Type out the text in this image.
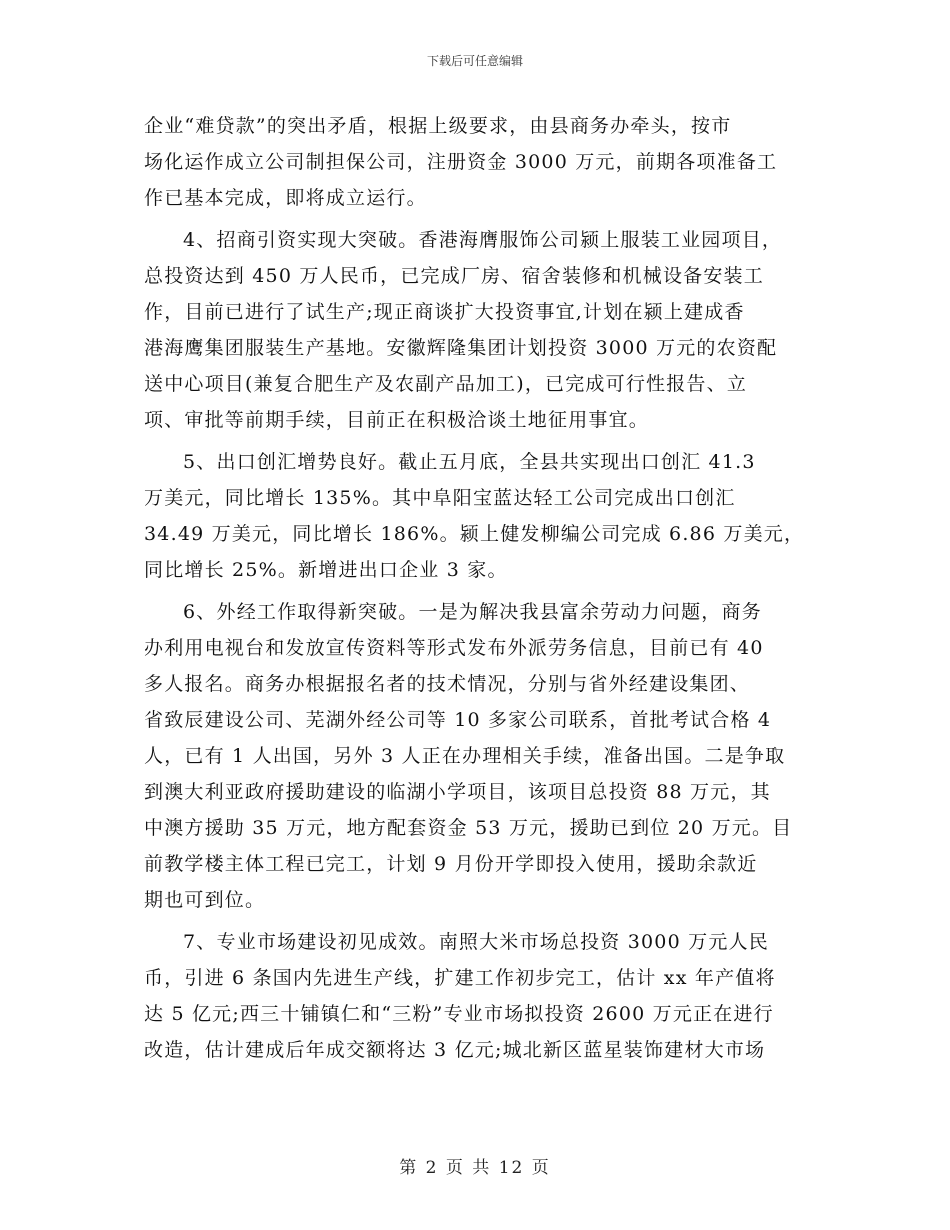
下载后可任意编辑
企业“难贷款”的突出矛盾，根据上级要求，由县商务办牵头，按市
场化运作成立公司制担保公司，注册资金 3000 万元，前期各项准备工
作已基本完成，即将成立运行。
4、招商引资实现大突破。香港海膺服饰公司颍上服装工业园项目，
总投资达到 450 万人民币，已完成厂房、宿舍装修和机械设备安装工
作，目前已进行了试生产;现正商谈扩大投资事宜,计划在颍上建成香
港海鹰集团服装生产基地。安徽辉隆集团计划投资 3000 万元的农资配
送中心项目(兼复合肥生产及农副产品加工)，已完成可行性报告、立
项、审批等前期手续，目前正在积极洽谈土地征用事宜。
5、出口创汇增势良好。截止五月底，全县共实现出口创汇 41.3
万美元，同比增长 135%。其中阜阳宝蓝达轻工公司完成出口创汇
34.49 万美元，同比增长 186%。颍上健发柳编公司完成 6.86 万美元，
同比增长 25%。新增进出口企业 3 家。
6、外经工作取得新突破。一是为解决我县富余劳动力问题，商务
办利用电视台和发放宣传资料等形式发布外派劳务信息，目前已有 40
多人报名。商务办根据报名者的技术情况，分别与省外经建设集团、
省致辰建设公司、芜湖外经公司等 10 多家公司联系，首批考试合格 4
人，已有 1 人出国，另外 3 人正在办理相关手续，准备出国。二是争取
到澳大利亚政府援助建设的临湖小学项目，该项目总投资 88 万元，其
中澳方援助 35 万元，地方配套资金 53 万元，援助已到位 20 万元。目
前教学楼主体工程已完工，计划 9 月份开学即投入使用，援助余款近
期也可到位。
7、专业市场建设初见成效。南照大米市场总投资 3000 万元人民
币，引进 6 条国内先进生产线，扩建工作初步完工，估计 xx 年产值将
达 5 亿元;西三十铺镇仁和“三粉”专业市场拟投资 2600 万元正在进行
改造，估计建成后年成交额将达 3 亿元;城北新区蓝星装饰建材大市场
第 2 页 共 12 页
